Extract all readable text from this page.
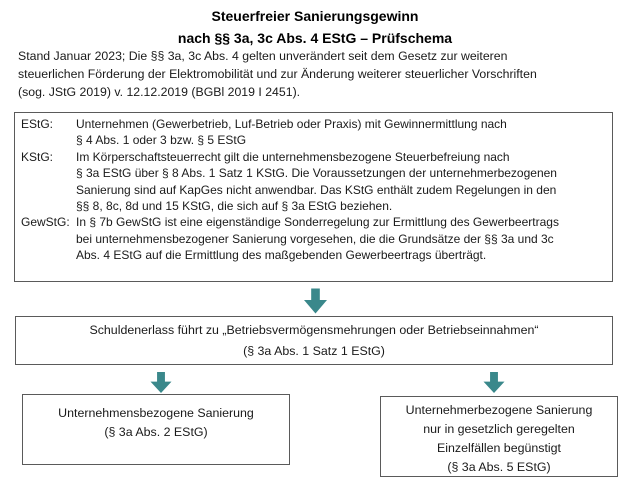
Steuerfreier Sanierungsgewinn
nach §§ 3a, 3c Abs. 4 EStG – Prüfschema
Stand Januar 2023; Die §§ 3a, 3c Abs. 4 gelten unverändert seit dem Gesetz zur weiteren
steuerlichen Förderung der Elektromobilität und zur Änderung weiterer steuerlicher Vorschriften
(sog. JStG 2019) v. 12.12.2019 (BGBl 2019 I 2451).
EStG:	Unternehmen (Gewerbetrieb, Luf-Betrieb oder Praxis) mit Gewinnermittlung nach
§ 4 Abs. 1 oder 3 bzw. § 5 EStG
KStG:	Im Körperschaftsteuerrecht gilt die unternehmensbezogene Steuerbefreiung nach
§ 3a EStG über § 8 Abs. 1 Satz 1 KStG. Die Voraussetzungen der unternehmerbezogenen
Sanierung sind auf KapGes nicht anwendbar. Das KStG enthält zudem Regelungen in den
§§ 8, 8c, 8d und 15 KStG, die sich auf § 3a EStG beziehen.
GewStG: In § 7b GewStG ist eine eigenständige Sonderregelung zur Ermittlung des Gewerbeertrags
bei unternehmensbezogener Sanierung vorgesehen, die die Grundsätze der §§ 3a und 3c
Abs. 4 EStG auf die Ermittlung des maßgebenden Gewerbeertrags überträgt.
Schuldenerlass führt zu „Betriebsvermögensmehrungen oder Betriebseinnahmen“
(§ 3a Abs. 1 Satz 1 EStG)
Unternehmensbezogene Sanierung
(§ 3a Abs. 2 EStG)
Unternehmerbezogene Sanierung
nur in gesetzlich geregelten
Einzelfällen begünstigt
(§ 3a Abs. 5 EStG)
